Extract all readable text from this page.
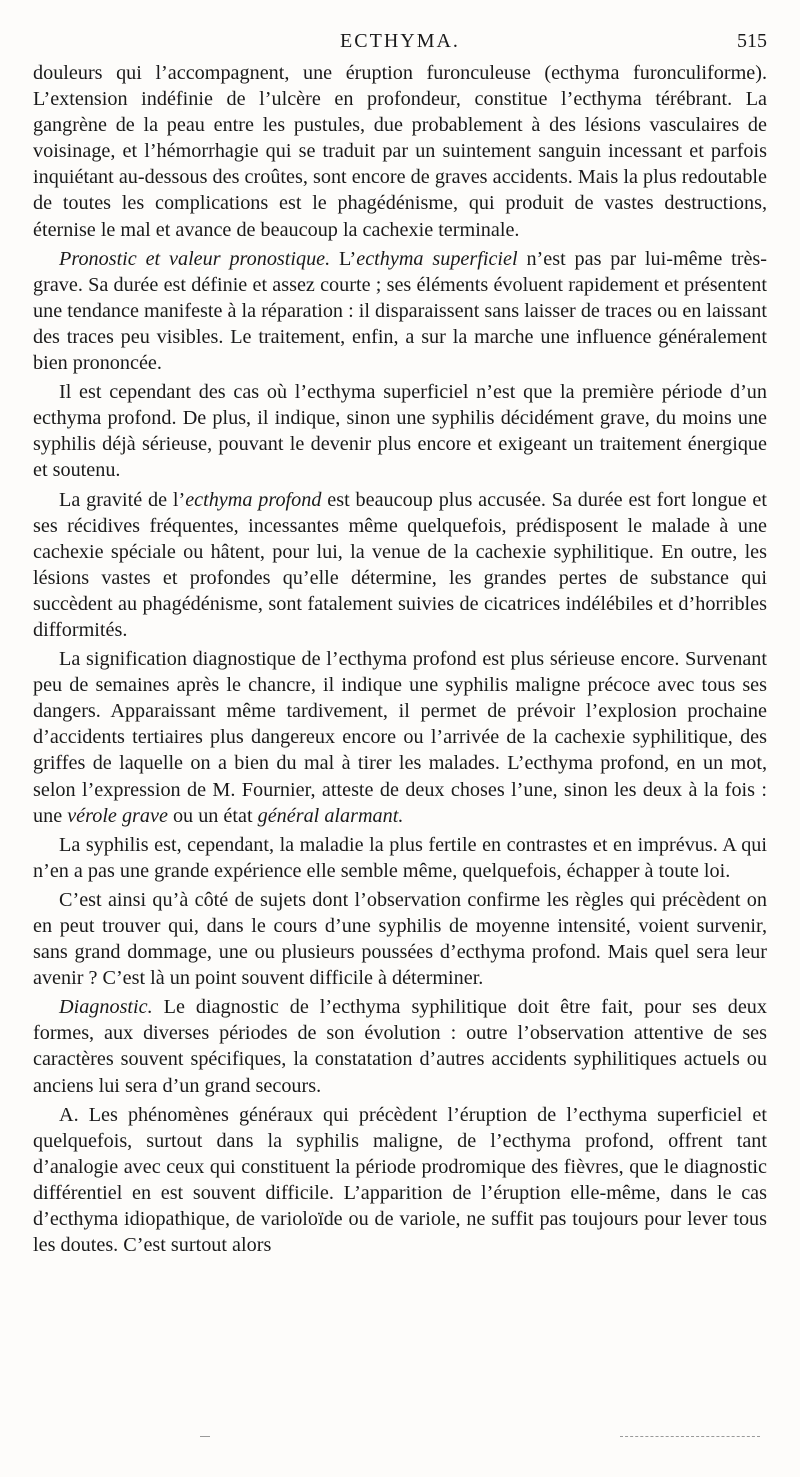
ECTHYMA.	515

douleurs qui l’accompagnent, une éruption furonculeuse (ecthyma furonculiforme). L’extension indéfinie de l’ulcère en profondeur, constitue l’ecthyma térébrant. La gangrène de la peau entre les pustules, due probablement à des lésions vasculaires de voisinage, et l’hémorrhagie qui se traduit par un suintement sanguin incessant et parfois inquiétant au-dessous des croûtes, sont encore de graves accidents. Mais la plus redoutable de toutes les complications est le phagédénisme, qui produit de vastes destructions, éternise le mal et avance de beaucoup la cachexie terminale.

Pronostic et valeur pronostique. L’ecthyma superficiel n’est pas par lui-même très-grave. Sa durée est définie et assez courte ; ses éléments évoluent rapidement et présentent une tendance manifeste à la réparation : il disparaissent sans laisser de traces ou en laissant des traces peu visibles. Le traitement, enfin, a sur la marche une influence généralement bien prononcée.

Il est cependant des cas où l’ecthyma superficiel n’est que la première période d’un ecthyma profond. De plus, il indique, sinon une syphilis décidément grave, du moins une syphilis déjà sérieuse, pouvant le devenir plus encore et exigeant un traitement énergique et soutenu.

La gravité de l’ecthyma profond est beaucoup plus accusée. Sa durée est fort longue et ses récidives fréquentes, incessantes même quelquefois, prédisposent le malade à une cachexie spéciale ou hâtent, pour lui, la venue de la cachexie syphilitique. En outre, les lésions vastes et profondes qu’elle détermine, les grandes pertes de substance qui succèdent au phagédénisme, sont fatalement suivies de cicatrices indélébiles et d’horribles difformités.

La signification diagnostique de l’ecthyma profond est plus sérieuse encore. Survenant peu de semaines après le chancre, il indique une syphilis maligne précoce avec tous ses dangers. Apparaissant même tardivement, il permet de prévoir l’explosion prochaine d’accidents tertiaires plus dangereux encore ou l’arrivée de la cachexie syphilitique, des griffes de laquelle on a bien du mal à tirer les malades. L’ecthyma profond, en un mot, selon l’expression de M. Fournier, atteste de deux choses l’une, sinon les deux à la fois : une vérole grave ou un état général alarmant.

La syphilis est, cependant, la maladie la plus fertile en contrastes et en imprévus. A qui n’en a pas une grande expérience elle semble même, quelquefois, échapper à toute loi.

C’est ainsi qu’à côté de sujets dont l’observation confirme les règles qui précèdent on en peut trouver qui, dans le cours d’une syphilis de moyenne intensité, voient survenir, sans grand dommage, une ou plusieurs poussées d’ecthyma profond. Mais quel sera leur avenir ? C’est là un point souvent difficile à déterminer.

Diagnostic. Le diagnostic de l’ecthyma syphilitique doit être fait, pour ses deux formes, aux diverses périodes de son évolution : outre l’observation attentive de ses caractères souvent spécifiques, la constatation d’autres accidents syphilitiques actuels ou anciens lui sera d’un grand secours.

A. Les phénomènes généraux qui précèdent l’éruption de l’ecthyma superficiel et quelquefois, surtout dans la syphilis maligne, de l’ecthyma profond, offrent tant d’analogie avec ceux qui constituent la période prodromique des fièvres, que le diagnostic différentiel en est souvent difficile. L’apparition de l’éruption elle-même, dans le cas d’ecthyma idiopathique, de varioloïde ou de variole, ne suffit pas toujours pour lever tous les doutes. C’est surtout alors
